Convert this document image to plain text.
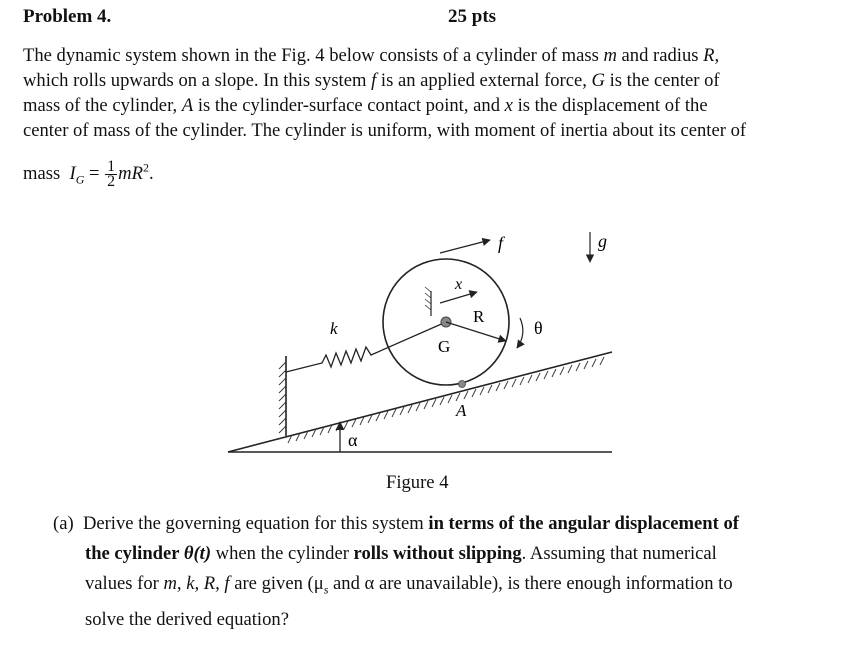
Problem 4.	25 pts
The dynamic system shown in the Fig. 4 below consists of a cylinder of mass m and radius R,
which rolls upwards on a slope. In this system f is an applied external force, G is the center of
mass of the cylinder, A is the cylinder-surface contact point, and x is the displacement of the
center of mass of the cylinder. The cylinder is uniform, with moment of inertia about its center of
mass $I_G = \frac{1}{2} mR^2$.
k
x
f	g
R
G
θ
A
α
Figure 4
(a) Derive the governing equation for this system in terms of the angular displacement of
the cylinder θ(t) when the cylinder rolls without slipping. Assuming that numerical
values for m, k, R, f are given ($\mu_s$ and α are unavailable), is there enough information to
solve the derived equation?
